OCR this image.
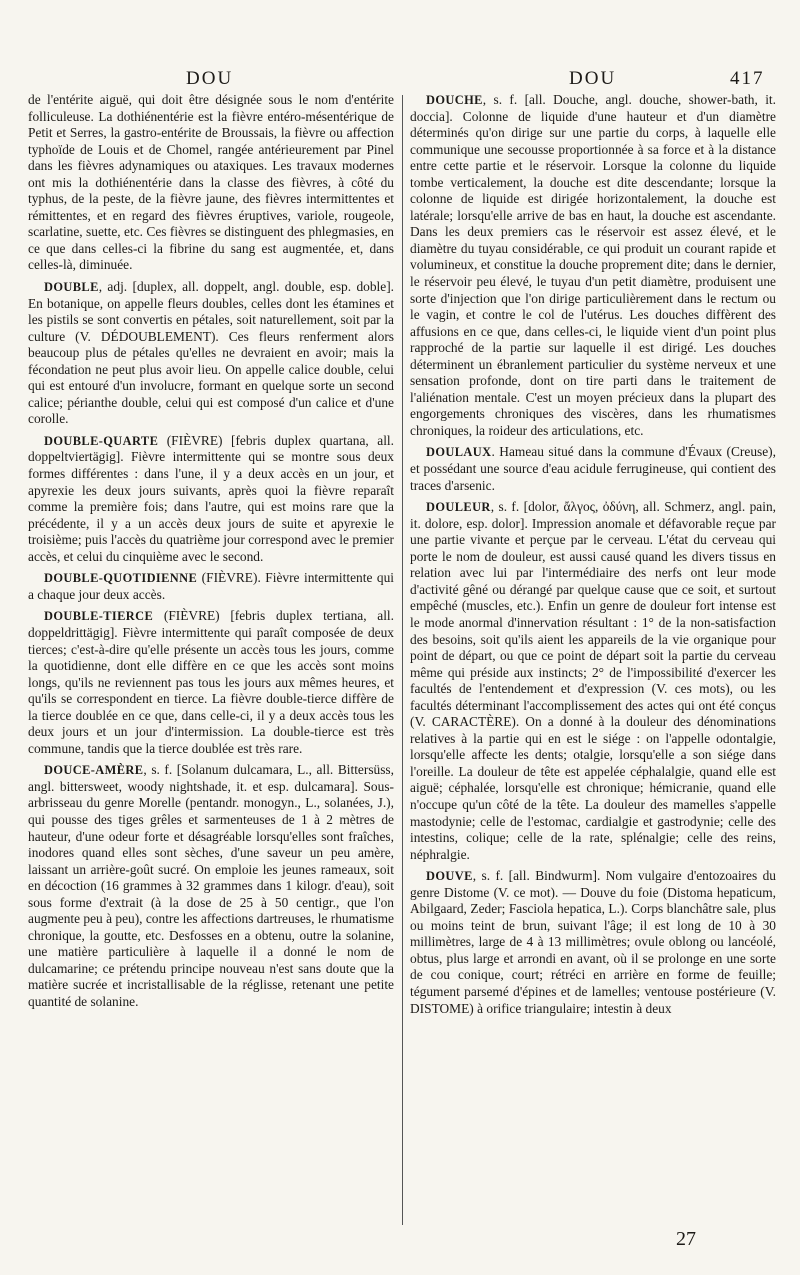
DOU	DOU	417

de l'entérite aiguë, qui doit être désignée sous le nom d'entérite folliculeuse. La dothiénentérie est la fièvre entéro-mésentérique de Petit et Serres, la gastro-entérite de Broussais, la fièvre ou affection typhoïde de Louis et de Chomel, rangée antérieurement par Pinel dans les fièvres adynamiques ou ataxiques. Les travaux modernes ont mis la dothiénentérie dans la classe des fièvres, à côté du typhus, de la peste, de la fièvre jaune, des fièvres intermittentes et rémittentes, et en regard des fièvres éruptives, variole, rougeole, scarlatine, suette, etc. Ces fièvres se distinguent des phlegmasies, en ce que dans celles-ci la fibrine du sang est augmentée, et, dans celles-là, diminuée.

DOUBLE, adj. [duplex, all. doppelt, angl. double, esp. doble]. En botanique, on appelle fleurs doubles, celles dont les étamines et les pistils se sont convertis en pétales, soit naturellement, soit par la culture (V. DÉDOUBLEMENT). Ces fleurs renferment alors beaucoup plus de pétales qu'elles ne devraient en avoir; mais la fécondation ne peut plus avoir lieu. On appelle calice double, celui qui est entouré d'un involucre, formant en quelque sorte un second calice; périanthe double, celui qui est composé d'un calice et d'une corolle.

DOUBLE-QUARTE (FIÈVRE) [febris duplex quartana, all. doppeltviertägig]. Fièvre intermittente qui se montre sous deux formes différentes : dans l'une, il y a deux accès en un jour, et apyrexie les deux jours suivants, après quoi la fièvre reparaît comme la première fois; dans l'autre, qui est moins rare que la précédente, il y a un accès deux jours de suite et apyrexie le troisième; puis l'accès du quatrième jour correspond avec le premier accès, et celui du cinquième avec le second.

DOUBLE-QUOTIDIENNE (FIÈVRE). Fièvre intermittente qui a chaque jour deux accès.

DOUBLE-TIERCE (FIÈVRE) [febris duplex tertiana, all. doppeldrittägig]. Fièvre intermittente qui paraît composée de deux tierces; c'est-à-dire qu'elle présente un accès tous les jours, comme la quotidienne, dont elle diffère en ce que les accès sont moins longs, qu'ils ne reviennent pas tous les jours aux mêmes heures, et qu'ils se correspondent en tierce. La fièvre double-tierce diffère de la tierce doublée en ce que, dans celle-ci, il y a deux accès tous les deux jours et un jour d'intermission. La double-tierce est très commune, tandis que la tierce doublée est très rare.

DOUCE-AMÈRE, s. f. [Solanum dulcamara, L., all. Bittersüss, angl. bittersweet, woody nightshade, it. et esp. dulcamara]. Sous-arbrisseau du genre Morelle (pentandr. monogyn., L., solanées, J.), qui pousse des tiges grêles et sarmenteuses de 1 à 2 mètres de hauteur, d'une odeur forte et désagréable lorsqu'elles sont fraîches, inodores quand elles sont sèches, d'une saveur un peu amère, laissant un arrière-goût sucré. On emploie les jeunes rameaux, soit en décoction (16 grammes à 32 grammes dans 1 kilogr. d'eau), soit sous forme d'extrait (à la dose de 25 à 50 centigr., que l'on augmente peu à peu), contre les affections dartreuses, le rhumatisme chronique, la goutte, etc. Desfosses en a obtenu, outre la solanine, une matière particulière à laquelle il a donné le nom de dulcamarine; ce prétendu principe nouveau n'est sans doute que la matière sucrée et incristallisable de la réglisse, retenant une petite quantité de solanine.

DOUCHE, s. f. [all. Douche, angl. douche, shower-bath, it. doccia]. Colonne de liquide d'une hauteur et d'un diamètre déterminés qu'on dirige sur une partie du corps, à laquelle elle communique une secousse proportionnée à sa force et à la distance entre cette partie et le réservoir. Lorsque la colonne du liquide tombe verticalement, la douche est dite descendante; lorsque la colonne de liquide est dirigée horizontalement, la douche est latérale; lorsqu'elle arrive de bas en haut, la douche est ascendante. Dans les deux premiers cas le réservoir est assez élevé, et le diamètre du tuyau considérable, ce qui produit un courant rapide et volumineux, et constitue la douche proprement dite; dans le dernier, le réservoir peu élevé, le tuyau d'un petit diamètre, produisent une sorte d'injection que l'on dirige particulièrement dans le rectum ou le vagin, et contre le col de l'utérus. Les douches diffèrent des affusions en ce que, dans celles-ci, le liquide vient d'un point plus rapproché de la partie sur laquelle il est dirigé. Les douches déterminent un ébranlement particulier du système nerveux et une sensation profonde, dont on tire parti dans le traitement de l'aliénation mentale. C'est un moyen précieux dans la plupart des engorgements chroniques des viscères, dans les rhumatismes chroniques, la roideur des articulations, etc.

DOULAUX. Hameau situé dans la commune d'Évaux (Creuse), et possédant une source d'eau acidule ferrugineuse, qui contient des traces d'arsenic.

DOULEUR, s. f. [dolor, ἄλγος, ὀδύνη, all. Schmerz, angl. pain, it. dolore, esp. dolor]. Impression anomale et défavorable reçue par une partie vivante et perçue par le cerveau. L'état du cerveau qui porte le nom de douleur, est aussi causé quand les divers tissus en relation avec lui par l'intermédiaire des nerfs ont leur mode d'activité gêné ou dérangé par quelque cause que ce soit, et surtout empêché (muscles, etc.). Enfin un genre de douleur fort intense est le mode anormal d'innervation résultant : 1° de la non-satisfaction des besoins, soit qu'ils aient les appareils de la vie organique pour point de départ, ou que ce point de départ soit la partie du cerveau même qui préside aux instincts; 2° de l'impossibilité d'exercer les facultés de l'entendement et d'expression (V. ces mots), ou les facultés déterminant l'accomplissement des actes qui ont été conçus (V. CARACTÈRE). On a donné à la douleur des dénominations relatives à la partie qui en est le siége : on l'appelle odontalgie, lorsqu'elle affecte les dents; otalgie, lorsqu'elle a son siége dans l'oreille. La douleur de tête est appelée céphalalgie, quand elle est aiguë; céphalée, lorsqu'elle est chronique; hémicranie, quand elle n'occupe qu'un côté de la tête. La douleur des mamelles s'appelle mastodynie; celle de l'estomac, cardialgie et gastrodynie; celle des intestins, colique; celle de la rate, splénalgie; celle des reins, néphralgie.

DOUVE, s. f. [all. Bindwurm]. Nom vulgaire d'entozoaires du genre Distome (V. ce mot). — Douve du foie (Distoma hepaticum, Abilgaard, Zeder; Fasciola hepatica, L.). Corps blanchâtre sale, plus ou moins teint de brun, suivant l'âge; il est long de 10 à 30 millimètres, large de 4 à 13 millimètres; ovule oblong ou lancéolé, obtus, plus large et arrondi en avant, où il se prolonge en une sorte de cou conique, court; rétréci en arrière en forme de feuille; tégument parsemé d'épines et de lamelles; ventouse postérieure (V. DISTOME) à orifice triangulaire; intestin à deux

27
